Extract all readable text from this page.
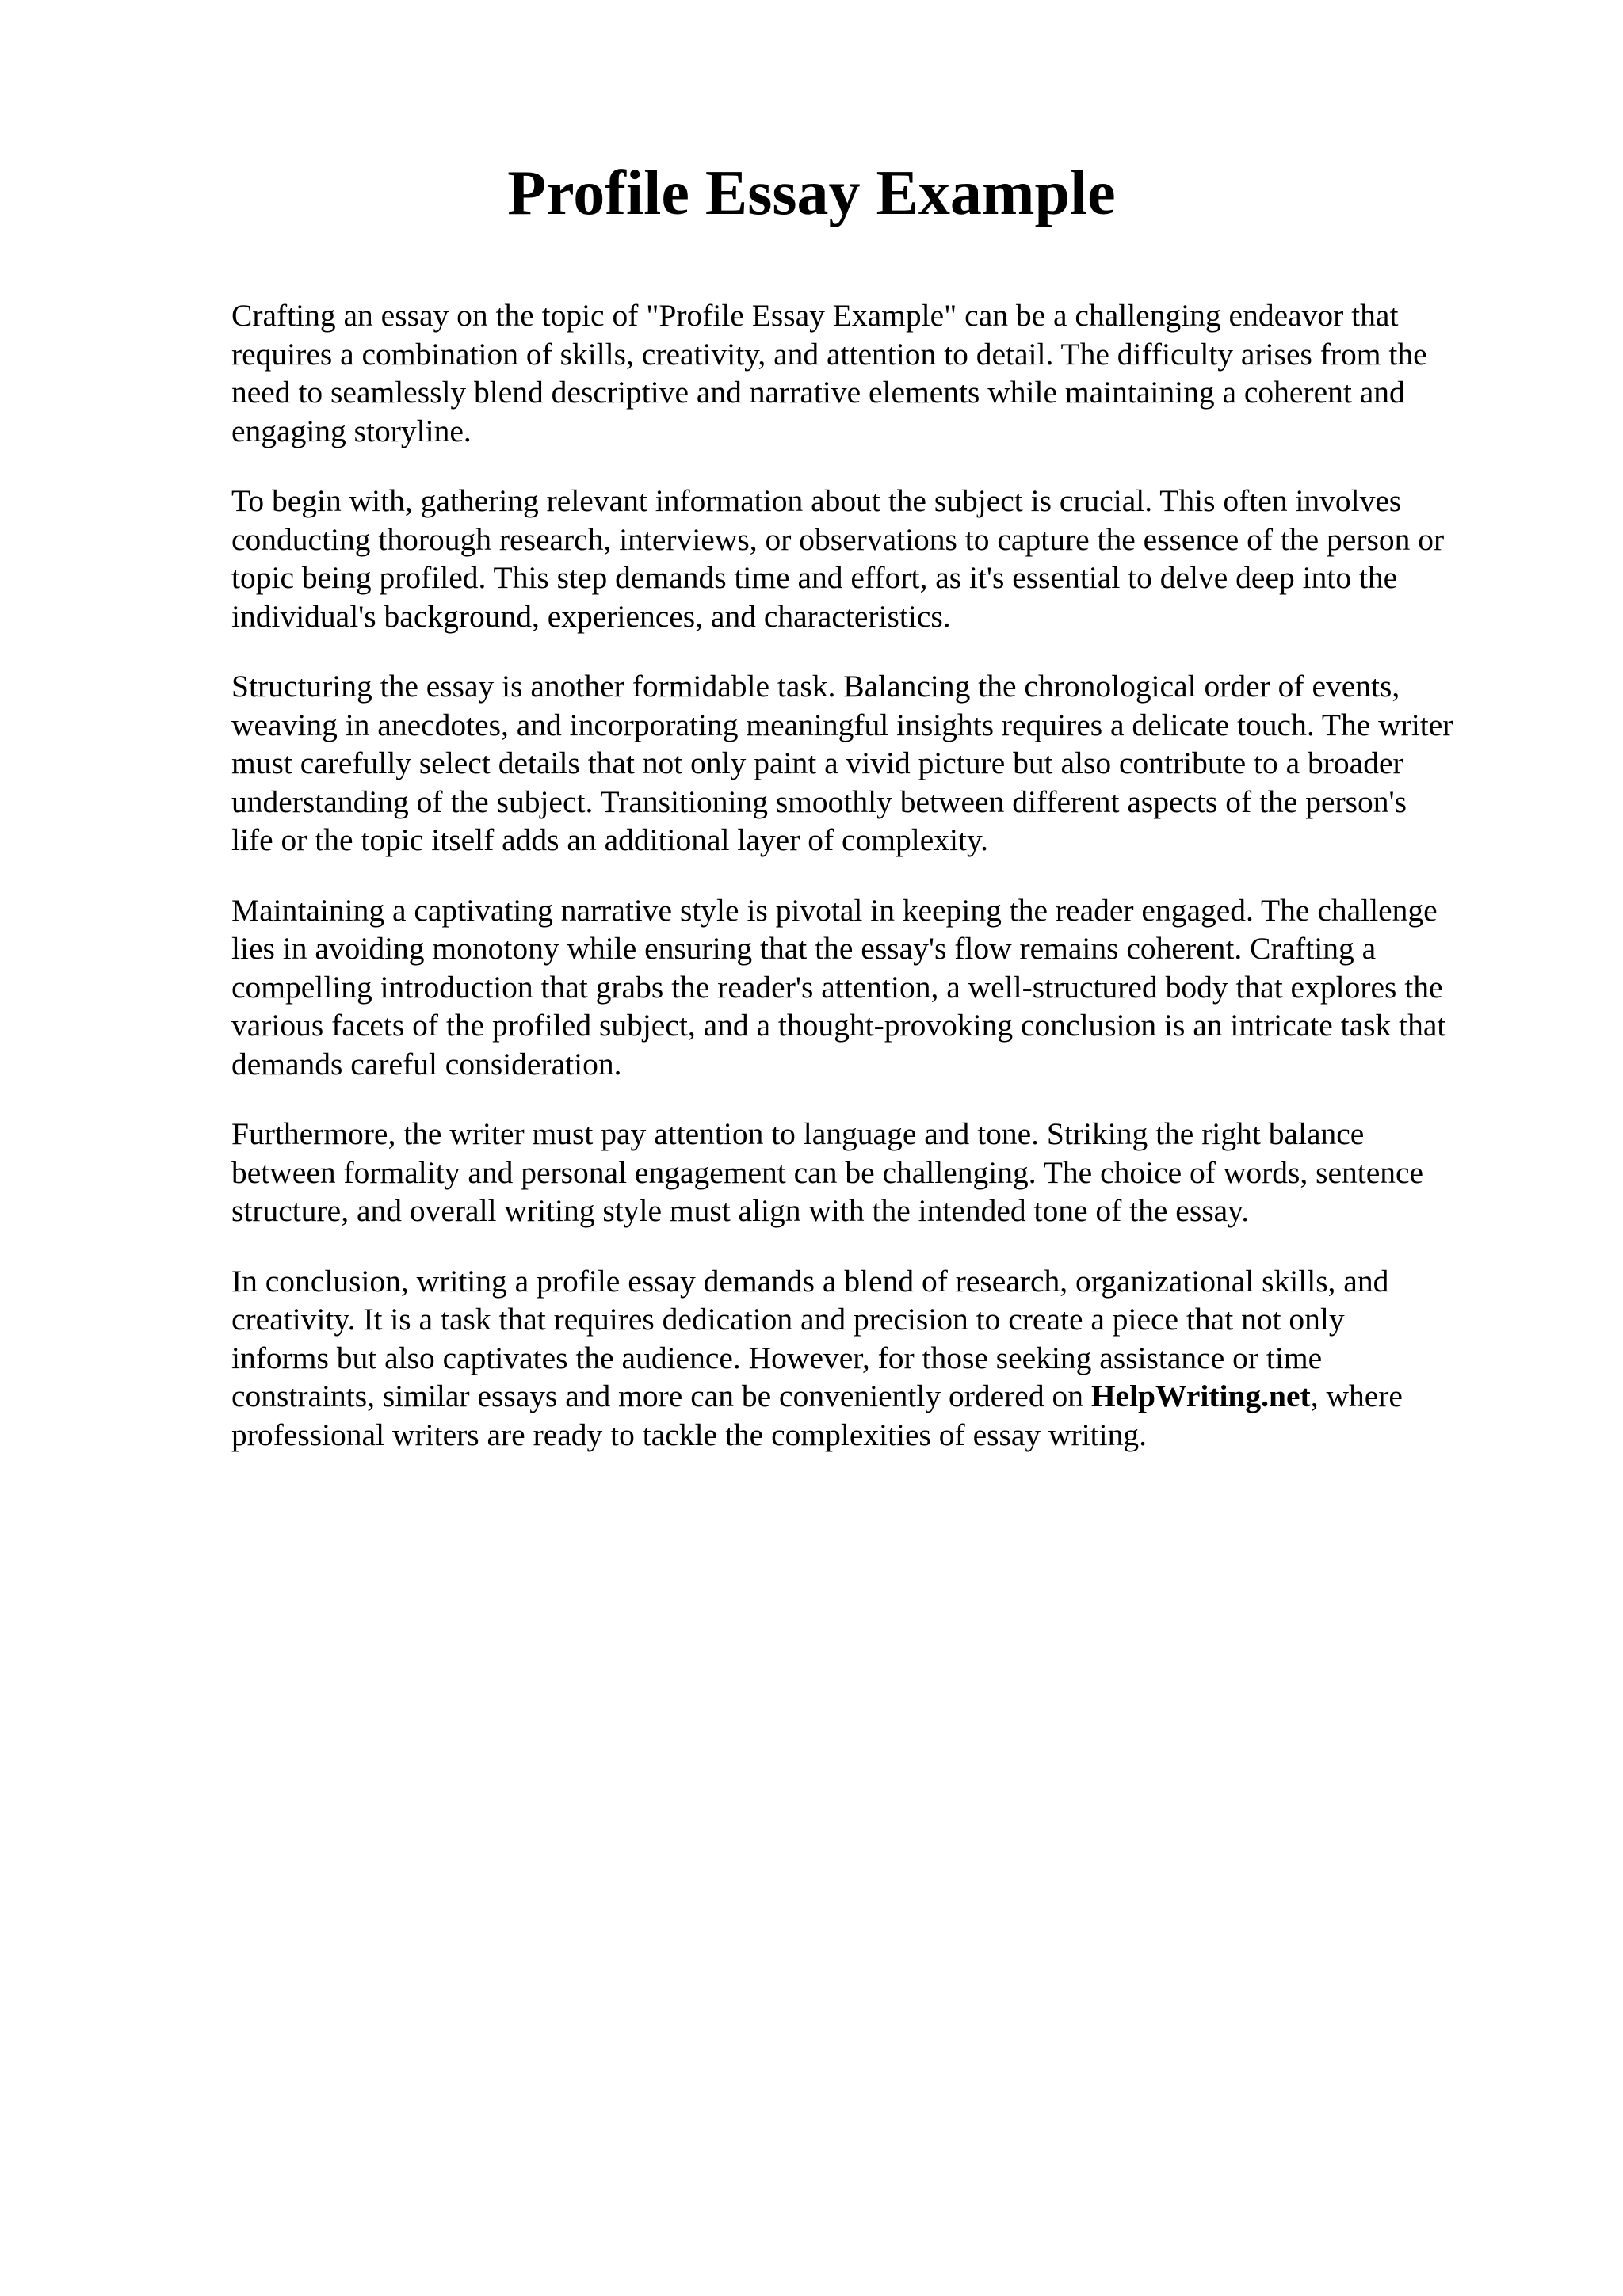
Profile Essay Example

Crafting an essay on the topic of "Profile Essay Example" can be a challenging endeavor that
requires a combination of skills, creativity, and attention to detail. The difficulty arises from the
need to seamlessly blend descriptive and narrative elements while maintaining a coherent and
engaging storyline.

To begin with, gathering relevant information about the subject is crucial. This often involves
conducting thorough research, interviews, or observations to capture the essence of the person or
topic being profiled. This step demands time and effort, as it's essential to delve deep into the
individual's background, experiences, and characteristics.

Structuring the essay is another formidable task. Balancing the chronological order of events,
weaving in anecdotes, and incorporating meaningful insights requires a delicate touch. The writer
must carefully select details that not only paint a vivid picture but also contribute to a broader
understanding of the subject. Transitioning smoothly between different aspects of the person's
life or the topic itself adds an additional layer of complexity.

Maintaining a captivating narrative style is pivotal in keeping the reader engaged. The challenge
lies in avoiding monotony while ensuring that the essay's flow remains coherent. Crafting a
compelling introduction that grabs the reader's attention, a well-structured body that explores the
various facets of the profiled subject, and a thought-provoking conclusion is an intricate task that
demands careful consideration.

Furthermore, the writer must pay attention to language and tone. Striking the right balance
between formality and personal engagement can be challenging. The choice of words, sentence
structure, and overall writing style must align with the intended tone of the essay.

In conclusion, writing a profile essay demands a blend of research, organizational skills, and
creativity. It is a task that requires dedication and precision to create a piece that not only
informs but also captivates the audience. However, for those seeking assistance or time
constraints, similar essays and more can be conveniently ordered on HelpWriting.net, where
professional writers are ready to tackle the complexities of essay writing.
